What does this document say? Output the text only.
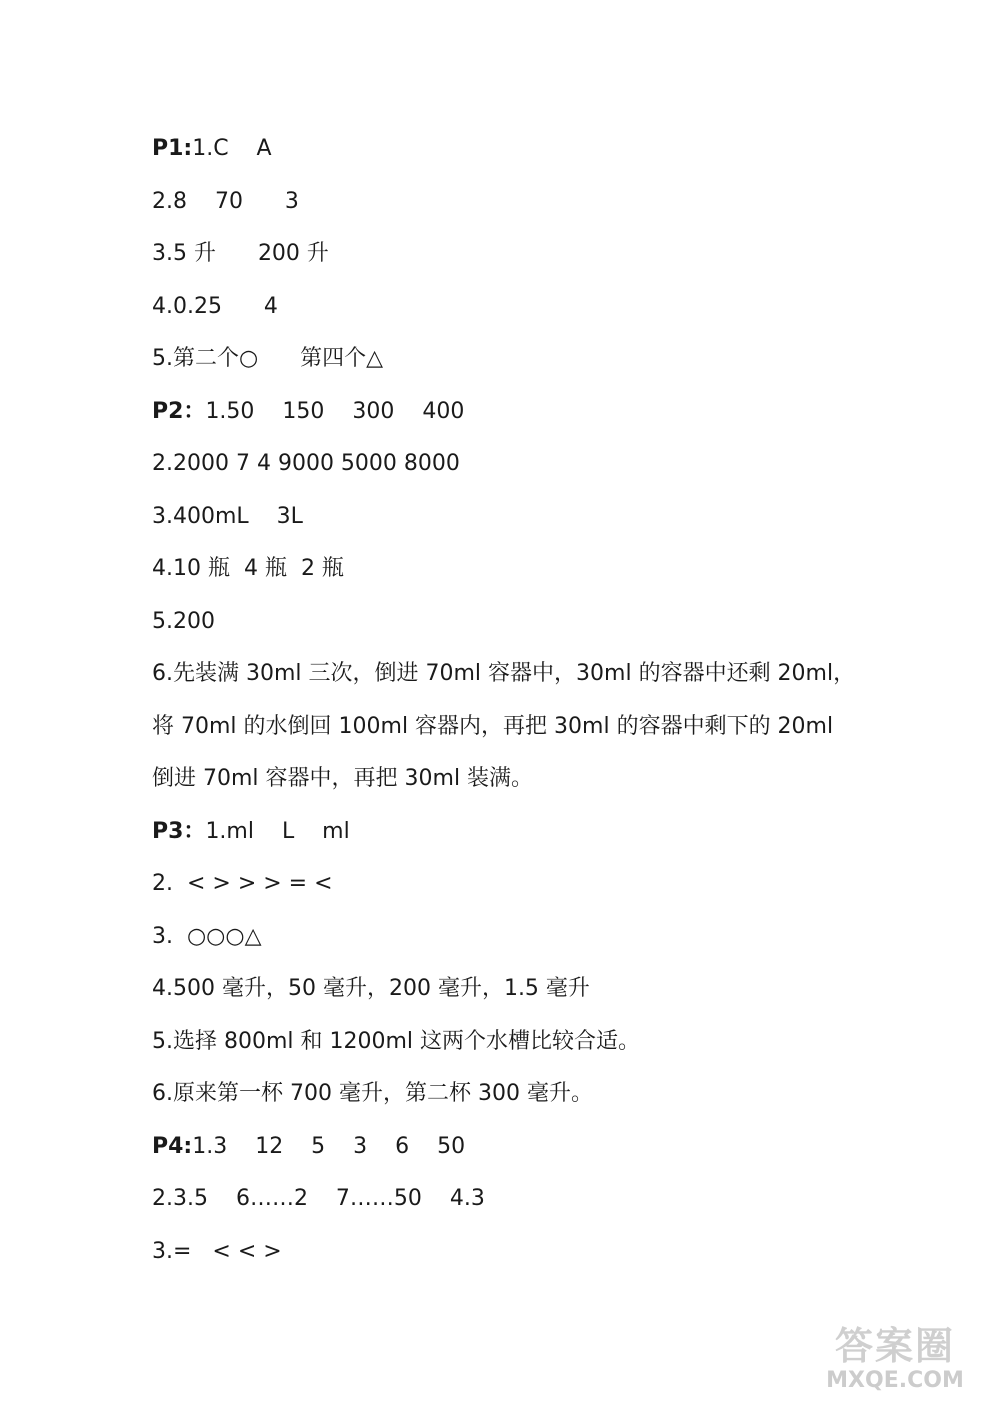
P1:1.C    A
2.8    70      3
3.5 升      200 升
4.0.25      4
5.第二个○      第四个△
P2：1.50    150    300    400
2.2000 7 4 9000 5000 8000
3.400mL    3L
4.10 瓶  4 瓶  2 瓶
5.200
6.先装满 30ml 三次，倒进 70ml 容器中，30ml 的容器中还剩 20ml，
将 70ml 的水倒回 100ml 容器内，再把 30ml 的容器中剩下的 20ml
倒进 70ml 容器中，再把 30ml 装满。
P3：1.ml    L    ml
2.  < > > > = <
3.  ○○○△
4.500 毫升，50 毫升，200 毫升，1.5 毫升
5.选择 800ml 和 1200ml 这两个水槽比较合适。
6.原来第一杯 700 毫升，第二杯 300 毫升。
P4:1.3    12    5    3    6    50
2.3.5    6……2    7……50    4.3
3.=   < < >
答案圈
MXQE.COM
